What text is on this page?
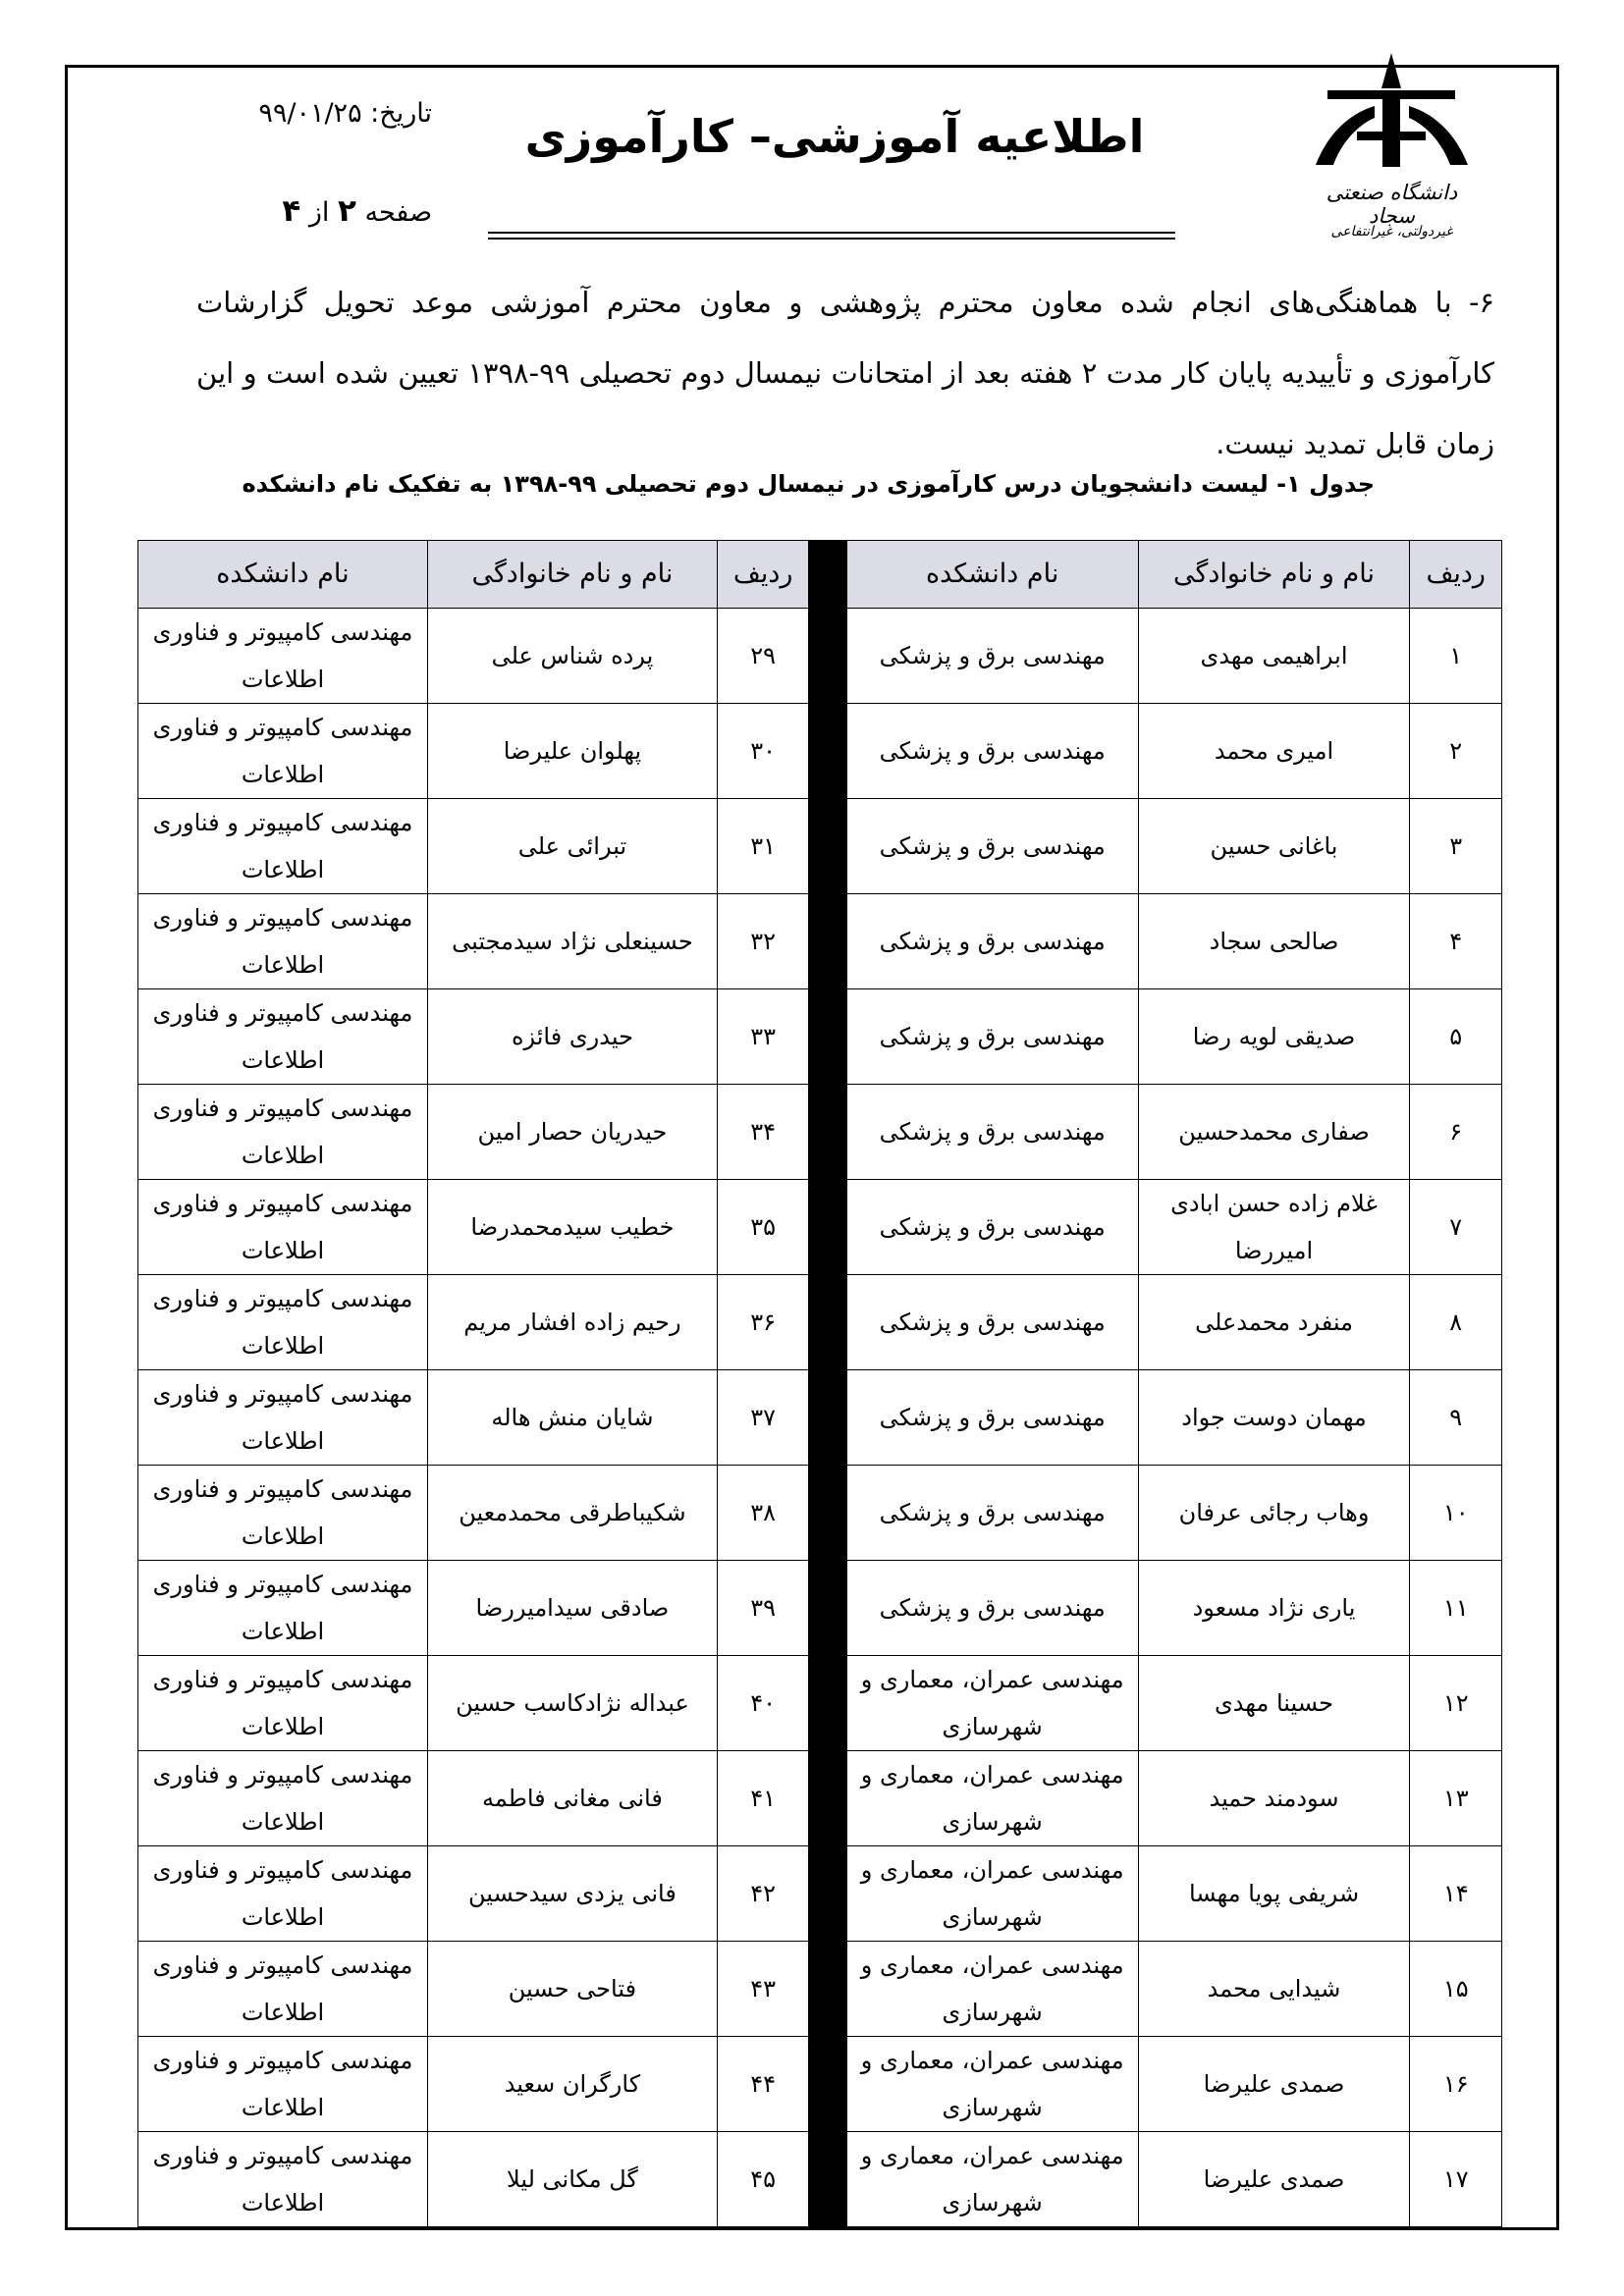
دانشگاه صنعتی سجاد
غیردولتی، غیرانتفاعی
اطلاعیه آموزشی– کارآموزی
تاریخ: ۹۹/۰۱/۲۵
صفحه ۲ از ۴
۶- با هماهنگی‌های انجام شده معاون محترم پژوهشی و معاون محترم آموزشی موعد تحویل گزارشات کارآموزی و تأییدیه پایان کار مدت ۲ هفته بعد از امتحانات نیمسال دوم تحصیلی ۹۹-۱۳۹۸ تعیین شده است و این زمان قابل تمدید نیست.
جدول ۱- لیست دانشجویان درس کارآموزی در نیمسال دوم تحصیلی ۹۹-۱۳۹۸ به تفکیک نام دانشکده
ردیف	نام و نام خانوادگی	نام دانشکده		ردیف	نام و نام خانوادگی	نام دانشکده
۱	ابراهیمی مهدی	مهندسی برق و پزشکی		۲۹	پرده شناس علی	مهندسی کامپیوتر و فناوری اطلاعات
۲	امیری محمد	مهندسی برق و پزشکی		۳۰	پهلوان علیرضا	مهندسی کامپیوتر و فناوری اطلاعات
۳	باغانی حسین	مهندسی برق و پزشکی		۳۱	تبرائی علی	مهندسی کامپیوتر و فناوری اطلاعات
۴	صالحی سجاد	مهندسی برق و پزشکی		۳۲	حسینعلی نژاد سیدمجتبی	مهندسی کامپیوتر و فناوری اطلاعات
۵	صدیقی لویه رضا	مهندسی برق و پزشکی		۳۳	حیدری فائزه	مهندسی کامپیوتر و فناوری اطلاعات
۶	صفاری محمدحسین	مهندسی برق و پزشکی		۳۴	حیدریان حصار امین	مهندسی کامپیوتر و فناوری اطلاعات
۷	غلام زاده حسن ابادی امیررضا	مهندسی برق و پزشکی		۳۵	خطیب سیدمحمدرضا	مهندسی کامپیوتر و فناوری اطلاعات
۸	منفرد محمدعلی	مهندسی برق و پزشکی		۳۶	رحیم زاده افشار مریم	مهندسی کامپیوتر و فناوری اطلاعات
۹	مهمان دوست جواد	مهندسی برق و پزشکی		۳۷	شایان منش هاله	مهندسی کامپیوتر و فناوری اطلاعات
۱۰	وهاب رجائی عرفان	مهندسی برق و پزشکی		۳۸	شکیباطرقی محمدمعین	مهندسی کامپیوتر و فناوری اطلاعات
۱۱	یاری نژاد مسعود	مهندسی برق و پزشکی		۳۹	صادقی سیدامیررضا	مهندسی کامپیوتر و فناوری اطلاعات
۱۲	حسینا مهدی	مهندسی عمران، معماری و شهرسازی		۴۰	عبداله نژادکاسب حسین	مهندسی کامپیوتر و فناوری اطلاعات
۱۳	سودمند حمید	مهندسی عمران، معماری و شهرسازی		۴۱	فانی مغانی فاطمه	مهندسی کامپیوتر و فناوری اطلاعات
۱۴	شریفی پویا مهسا	مهندسی عمران، معماری و شهرسازی		۴۲	فانی یزدی سیدحسین	مهندسی کامپیوتر و فناوری اطلاعات
۱۵	شیدایی محمد	مهندسی عمران، معماری و شهرسازی		۴۳	فتاحی حسین	مهندسی کامپیوتر و فناوری اطلاعات
۱۶	صمدی علیرضا	مهندسی عمران، معماری و شهرسازی		۴۴	کارگران سعید	مهندسی کامپیوتر و فناوری اطلاعات
۱۷	صمدی علیرضا	مهندسی عمران، معماری و شهرسازی		۴۵	گل مکانی لیلا	مهندسی کامپیوتر و فناوری اطلاعات
